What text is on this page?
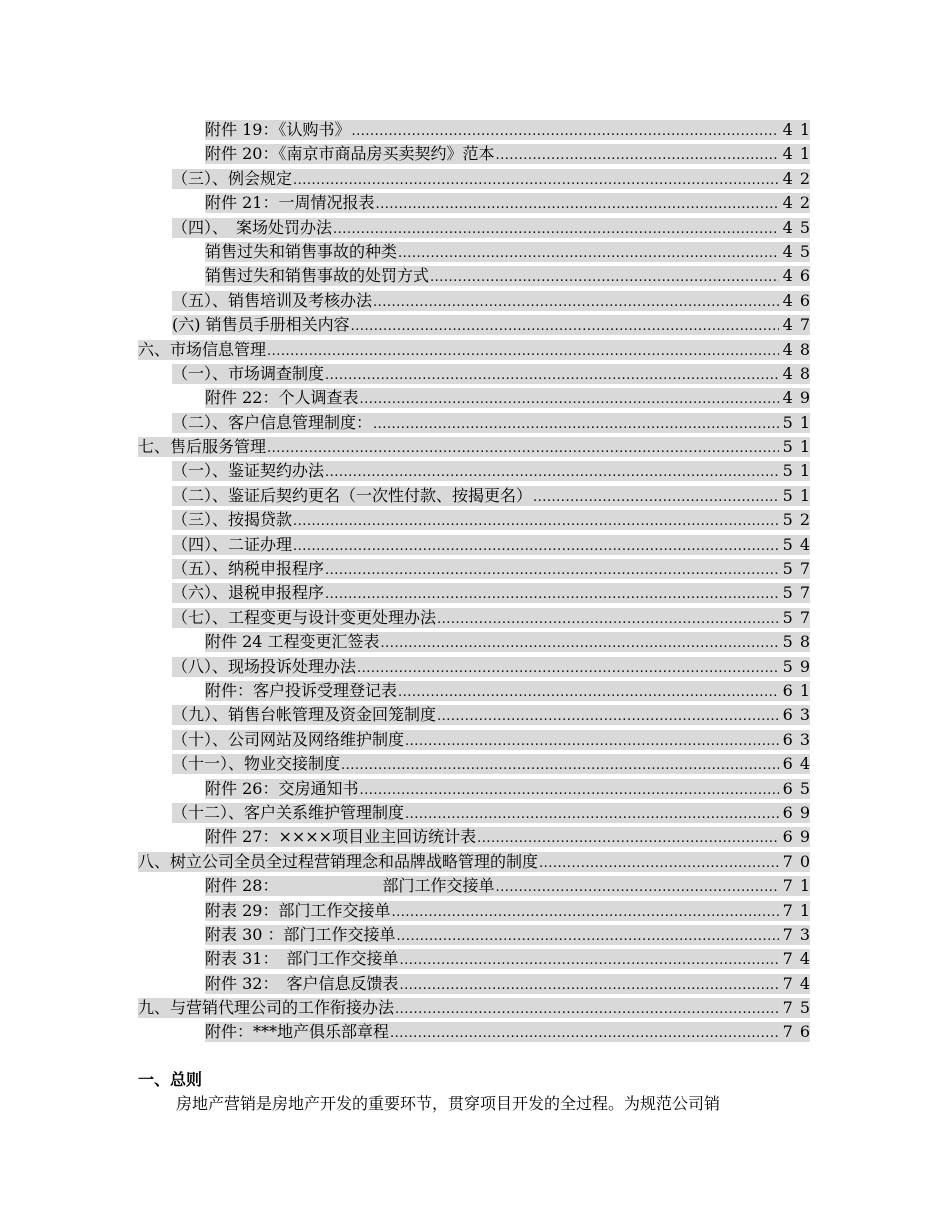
附件 19：《认购书》 .....	41
附件 20：《南京市商品房买卖契约》范本 .....	41
（三）、例会规定 .....	42
附件 21：一周情况报表 .....	42
（四）、　案场处罚办法 .....	45
销售过失和销售事故的种类 .....	45
销售过失和销售事故的处罚方式 .....	46
（五）、销售培训及考核办法 .....	46
(六) 销售员手册相关内容 .....	47
六、市场信息管理 .....	48
（一）、市场调查制度 .....	48
附件 22：个人调查表 .....	49
（二）、客户信息管理制度： .....	51
七、售后服务管理 .....	51
（一）、鉴证契约办法 .....	51
（二）、鉴证后契约更名（一次性付款、按揭更名） .....	51
（三）、按揭贷款 .....	52
（四）、二证办理 .....	54
（五）、纳税申报程序 .....	57
（六）、退税申报程序 .....	57
（七）、工程变更与设计变更处理办法 .....	57
附件 24 工程变更汇签表 .....	58
（八）、现场投诉处理办法 .....	59
附件：客户投诉受理登记表 .....	61
（九）、销售台帐管理及资金回笼制度 .....	63
（十）、公司网站及网络维护制度 .....	63
（十一）、物业交接制度 .....	64
附件 26：交房通知书 .....	65
（十二）、客户关系维护管理制度 .....	69
附件 27：××××项目业主回访统计表 .....	69
八、树立公司全员全过程营销理念和品牌战略管理的制度 .....	70
附件 28：　　　　　　　部门工作交接单 .....	71
附表 29：部门工作交接单 .....	71
附表 30 ：部门工作交接单 .....	73
附表 31：　部门工作交接单 .....	74
附件 32：　客户信息反馈表 .....	74
九、与营销代理公司的工作衔接办法 .....	75
附件：***地产俱乐部章程 .....	76
一、总则
房地产营销是房地产开发的重要环节，贯穿项目开发的全过程。为规范公司销
